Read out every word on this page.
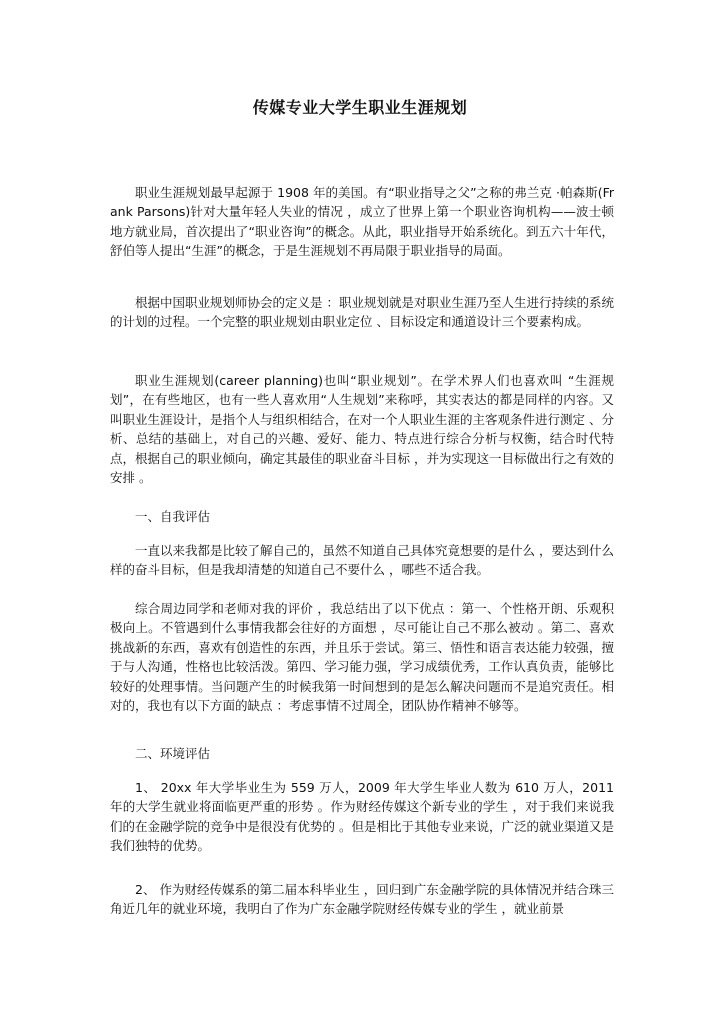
传媒专业大学生职业生涯规划

职业生涯规划最早起源于 1908 年的美国。有“职业指导之父”之称的弗兰克 ·帕森斯(Frank Parsons)针对大量年轻人失业的情况 ，成立了世界上第一个职业咨询机构——波士顿地方就业局，首次提出了“职业咨询”的概念。从此，职业指导开始系统化。到五六十年代，舒伯等人提出“生涯”的概念，于是生涯规划不再局限于职业指导的局面。

根据中国职业规划师协会的定义是 ：职业规划就是对职业生涯乃至人生进行持续的系统的计划的过程。一个完整的职业规划由职业定位 、目标设定和通道设计三个要素构成。

职业生涯规划(career planning)也叫“职业规划”。在学术界人们也喜欢叫 “生涯规划”，在有些地区，也有一些人喜欢用“人生规划”来称呼，其实表达的都是同样的内容。又叫职业生涯设计，是指个人与组织相结合，在对一个人职业生涯的主客观条件进行测定 、分析、总结的基础上，对自己的兴趣、爱好、能力、特点进行综合分析与权衡，结合时代特点，根据自己的职业倾向，确定其最佳的职业奋斗目标 ，并为实现这一目标做出行之有效的安排 。

一、自我评估

一直以来我都是比较了解自己的，虽然不知道自己具体究竟想要的是什么 ，要达到什么样的奋斗目标，但是我却清楚的知道自己不要什么 ，哪些不适合我。

综合周边同学和老师对我的评价 ，我总结出了以下优点 ：第一、个性格开朗、乐观积极向上。不管遇到什么事情我都会往好的方面想 ，尽可能让自己不那么被动 。第二、喜欢挑战新的东西，喜欢有创造性的东西，并且乐于尝试。第三、悟性和语言表达能力较强，擅于与人沟通，性格也比较活泼。第四、学习能力强，学习成绩优秀，工作认真负责，能够比较好的处理事情。当问题产生的时候我第一时间想到的是怎么解决问题而不是追究责任。相对的，我也有以下方面的缺点 ：考虑事情不过周全，团队协作精神不够等。

二、环境评估

1、 20xx 年大学毕业生为 559 万人，2009 年大学生毕业人数为 610 万人，2011 年的大学生就业将面临更严重的形势 。作为财经传媒这个新专业的学生 ，对于我们来说我们的在金融学院的竞争中是很没有优势的 。但是相比于其他专业来说，广泛的就业渠道又是我们独特的优势。

2、 作为财经传媒系的第二届本科毕业生 ，回归到广东金融学院的具体情况并结合珠三角近几年的就业环境，我明白了作为广东金融学院财经传媒专业的学生 ，就业前景
